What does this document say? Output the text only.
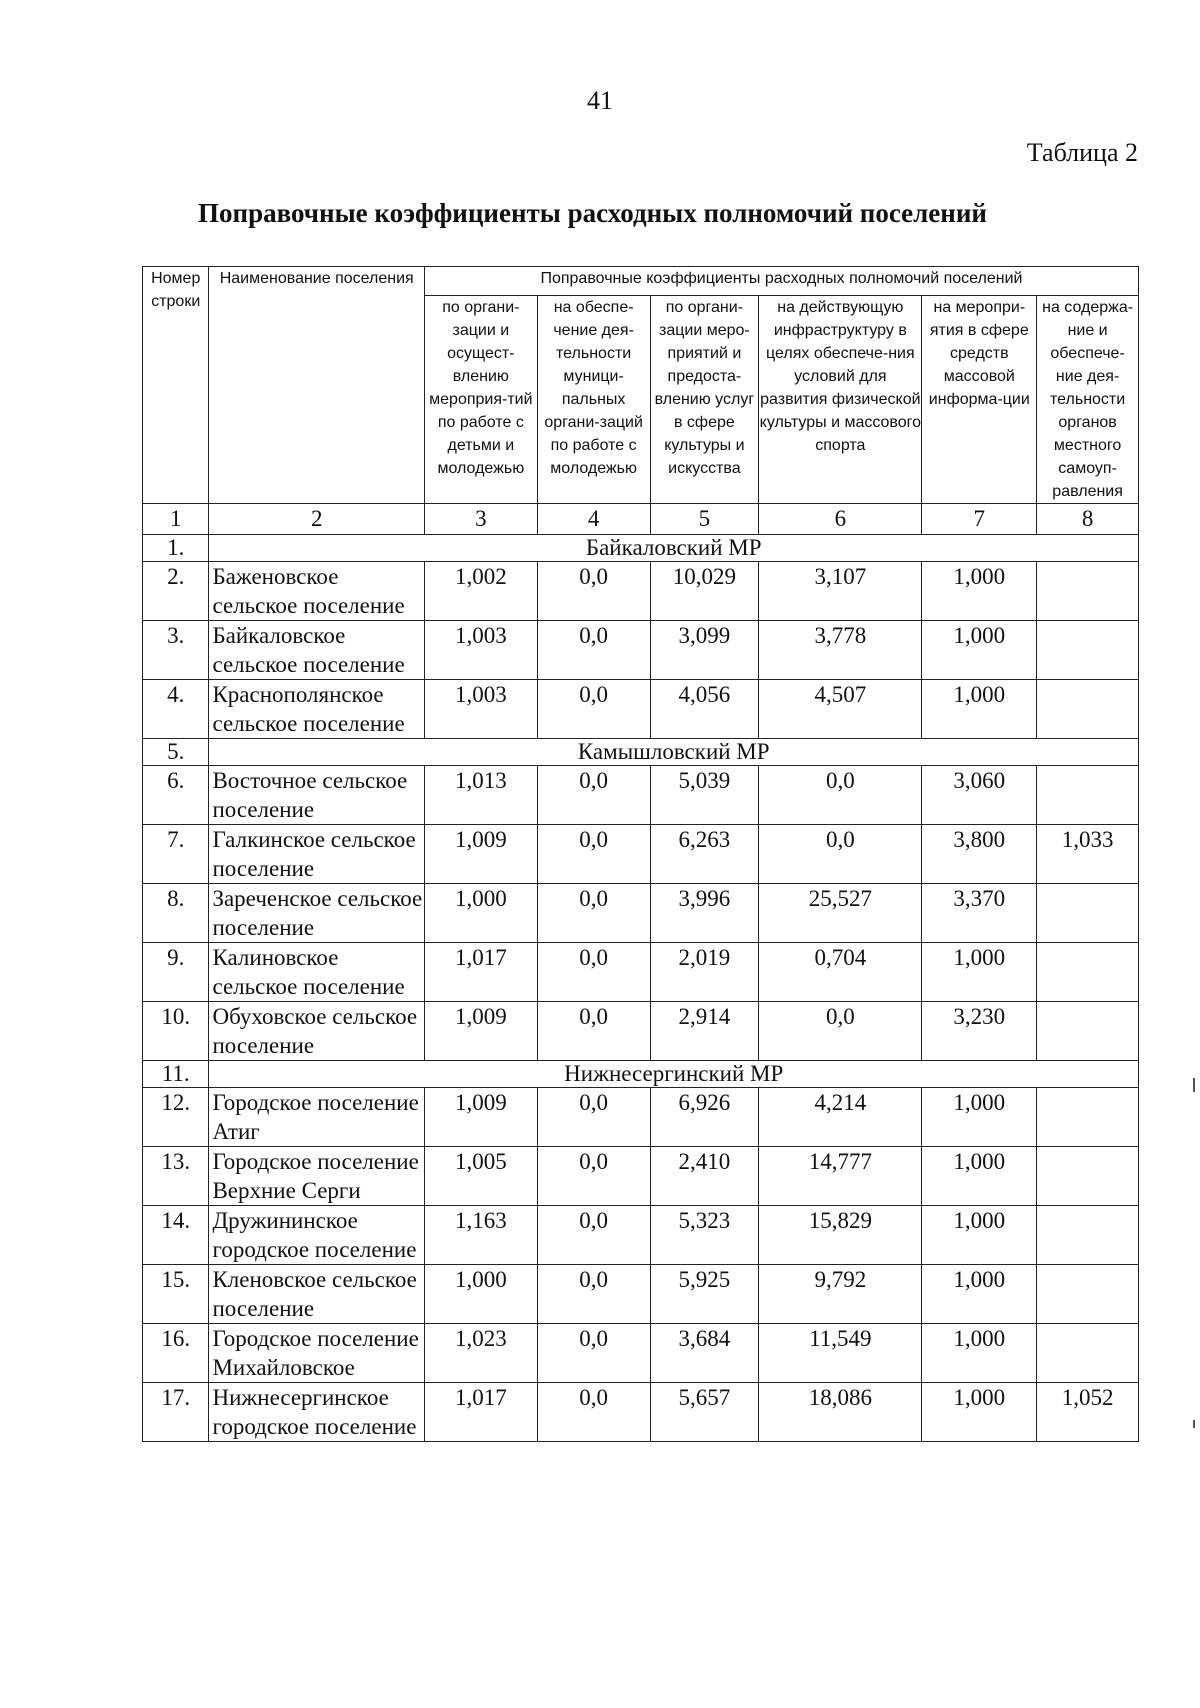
41
Таблица 2
Поправочные коэффициенты расходных полномочий поселений
Номер строки	Наименование поселения	Поправочные коэффициенты расходных полномочий поселений					
		по органи-зации и осущест-влению мероприя-тий по работе с детьми и молодежью	на обеспе-чение дея-тельности муници-пальных органи-заций по работе с молодежью	по органи-зации меро-приятий и предоста-влению услуг в сфере культуры и искусства	на действующую инфраструктуру в целях обеспече-ния условий для развития физической культуры и массового спорта	на меропри-ятия в сфере средств массовой информа-ции	на содержа-ние и обеспече-ние дея-тельности органов местного самоуп-равления
1	2	3	4	5	6	7	8
1.	Байкаловский МР						
2.	Баженовское сельское поселение	1,002	0,0	10,029	3,107	1,000	
3.	Байкаловское сельское поселение	1,003	0,0	3,099	3,778	1,000	
4.	Краснополянское сельское поселение	1,003	0,0	4,056	4,507	1,000	
5.	Камышловский МР						
6.	Восточное сельское поселение	1,013	0,0	5,039	0,0	3,060	
7.	Галкинское сельское поселение	1,009	0,0	6,263	0,0	3,800	1,033
8.	Зареченское сельское поселение	1,000	0,0	3,996	25,527	3,370	
9.	Калиновское сельское поселение	1,017	0,0	2,019	0,704	1,000	
10.	Обуховское сельское поселение	1,009	0,0	2,914	0,0	3,230	
11.	Нижнесергинский МР						
12.	Городское поселение Атиг	1,009	0,0	6,926	4,214	1,000	
13.	Городское поселение Верхние Серги	1,005	0,0	2,410	14,777	1,000	
14.	Дружининское городское поселение	1,163	0,0	5,323	15,829	1,000	
15.	Кленовское сельское поселение	1,000	0,0	5,925	9,792	1,000	
16.	Городское поселение Михайловское	1,023	0,0	3,684	11,549	1,000	
17.	Нижнесергинское городское поселение	1,017	0,0	5,657	18,086	1,000	1,052
